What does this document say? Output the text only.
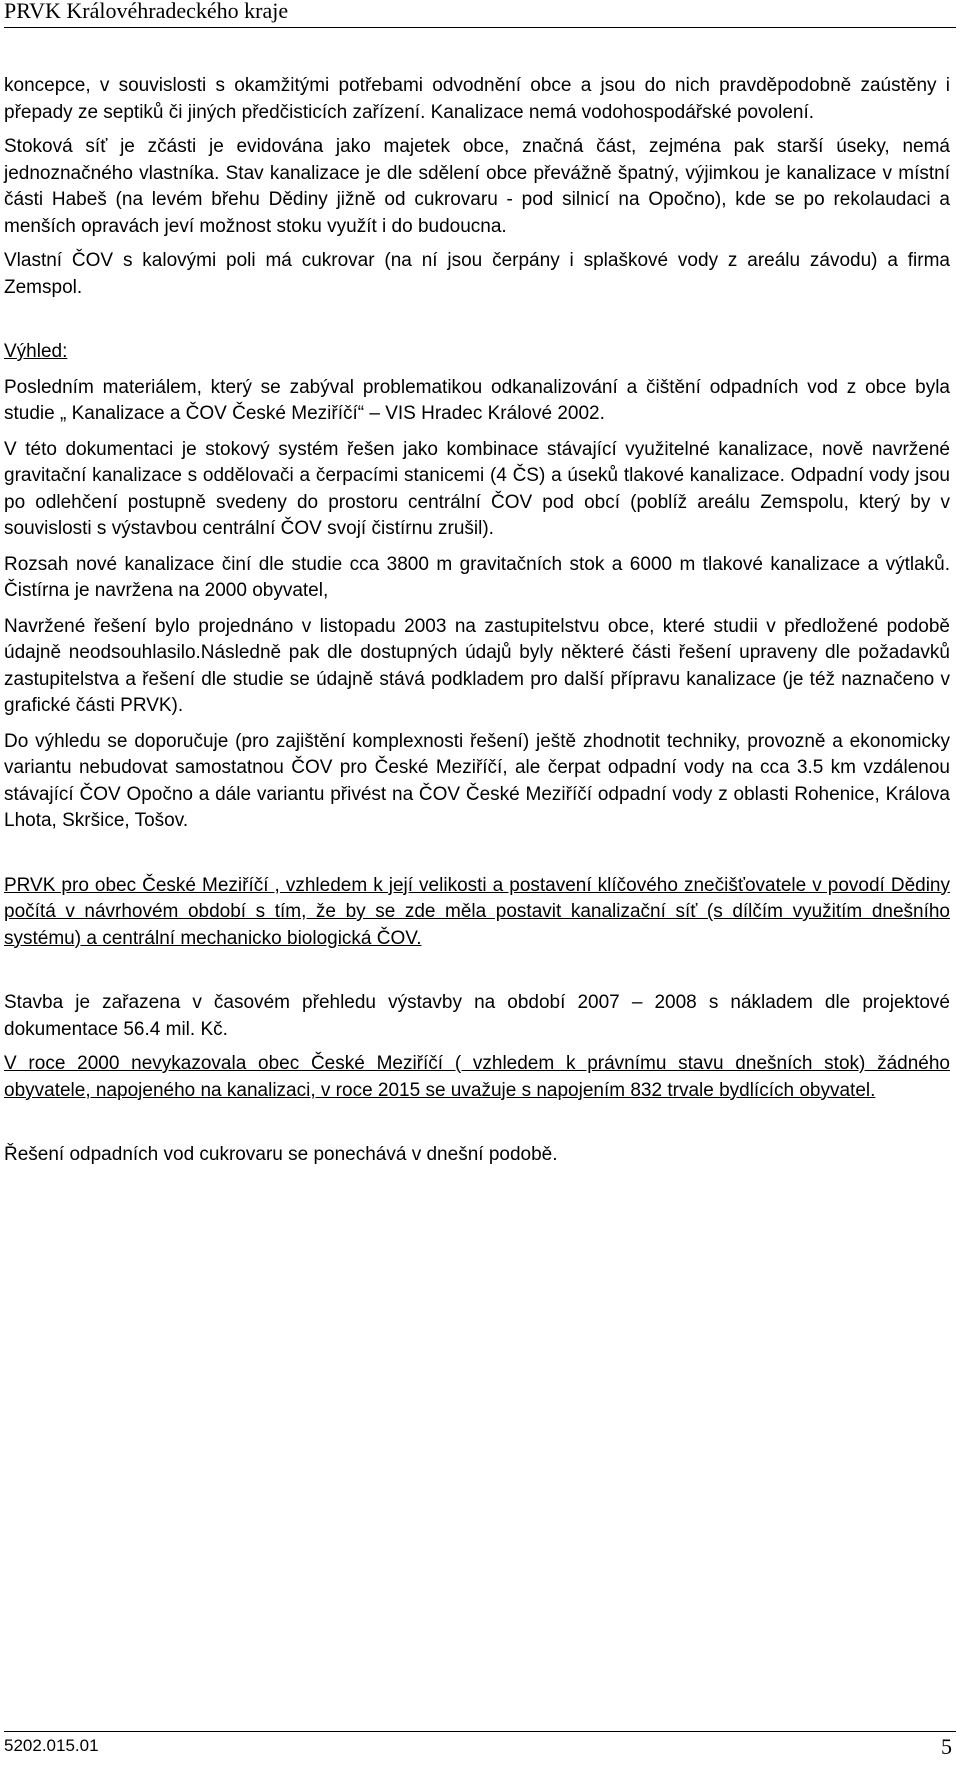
PRVK Královéhradeckého kraje

koncepce, v souvislosti s okamžitými potřebami odvodnění obce a jsou do nich pravděpodobně zaústěny i přepady ze septiků či jiných předčisticích zařízení. Kanalizace nemá vodohospodářské povolení.

Stoková síť je zčásti je evidována jako majetek obce, značná část, zejména pak starší úseky, nemá jednoznačného vlastníka. Stav kanalizace je dle sdělení obce převážně špatný, výjimkou je kanalizace v místní části Habeš (na levém břehu Dědiny jižně od cukrovaru - pod silnicí na Opočno), kde se po rekolaudaci a menších opravách jeví možnost stoku využít i do budoucna.

Vlastní ČOV s kalovými poli má cukrovar (na ní jsou čerpány i splaškové vody z areálu závodu) a firma Zemspol.

Výhled:

Posledním materiálem, který se zabýval problematikou odkanalizování a čištění odpadních vod z obce byla studie „ Kanalizace a ČOV České Meziříčí“ – VIS Hradec Králové 2002.

V této dokumentaci je stokový systém řešen jako kombinace stávající využitelné kanalizace, nově navržené gravitační kanalizace s oddělovači a čerpacími stanicemi (4 ČS) a úseků tlakové kanalizace. Odpadní vody jsou po odlehčení postupně svedeny do prostoru centrální ČOV pod obcí (poblíž areálu Zemspolu, který by v souvislosti s výstavbou centrální ČOV svojí čistírnu zrušil).

Rozsah nové kanalizace činí dle studie cca 3800 m gravitačních stok a 6000 m tlakové kanalizace a výtlaků. Čistírna je navržena na 2000 obyvatel,

Navržené řešení bylo projednáno v listopadu 2003 na zastupitelstvu obce, které studii v předložené podobě údajně neodsouhlasilo.Následně pak dle dostupných údajů byly některé části řešení upraveny dle požadavků zastupitelstva a řešení dle studie se údajně stává podkladem pro další přípravu kanalizace (je též naznačeno v grafické části PRVK).

Do výhledu se doporučuje (pro zajištění komplexnosti řešení) ještě zhodnotit techniky, provozně a ekonomicky variantu nebudovat samostatnou ČOV pro České Meziříčí, ale čerpat odpadní vody na cca 3.5 km vzdálenou stávající ČOV Opočno a dále variantu přivést na ČOV České Meziříčí odpadní vody z oblasti Rohenice, Králova Lhota, Skršice, Tošov.

PRVK pro obec České Meziříčí , vzhledem k její velikosti a postavení klíčového znečišťovatele v povodí Dědiny počítá v návrhovém období s tím, že by se zde měla postavit kanalizační síť (s dílčím využitím dnešního systému) a centrální mechanicko biologická ČOV.

Stavba je zařazena v časovém přehledu výstavby na období 2007 – 2008 s nákladem dle projektové dokumentace 56.4 mil. Kč.

V roce 2000 nevykazovala obec České Meziříčí ( vzhledem k právnímu stavu dnešních stok) žádného obyvatele, napojeného na kanalizaci, v roce 2015 se uvažuje s napojením 832 trvale bydlících obyvatel.

Řešení odpadních vod cukrovaru se ponechává v dnešní podobě.

5202.015.01	5
